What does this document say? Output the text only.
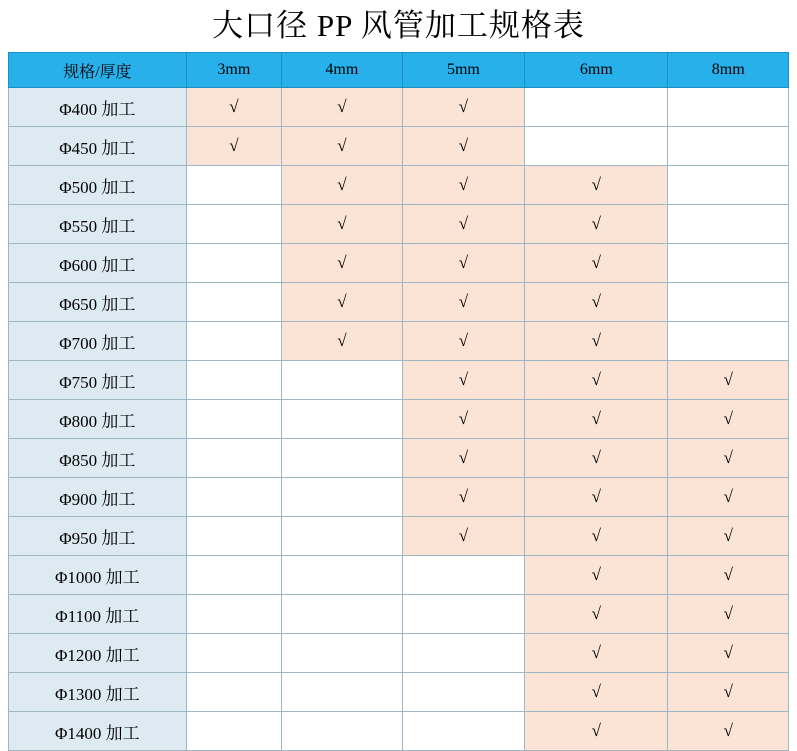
大口径 PP 风管加工规格表
规格/厚度	3mm	4mm	5mm	6mm	8mm
Φ400 加工	√	√	√		
Φ450 加工	√	√	√		
Φ500 加工		√	√	√	
Φ550 加工		√	√	√	
Φ600 加工		√	√	√	
Φ650 加工		√	√	√	
Φ700 加工		√	√	√	
Φ750 加工			√	√	√
Φ800 加工			√	√	√
Φ850 加工			√	√	√
Φ900 加工			√	√	√
Φ950 加工			√	√	√
Φ1000 加工				√	√
Φ1100 加工				√	√
Φ1200 加工				√	√
Φ1300 加工				√	√
Φ1400 加工				√	√
